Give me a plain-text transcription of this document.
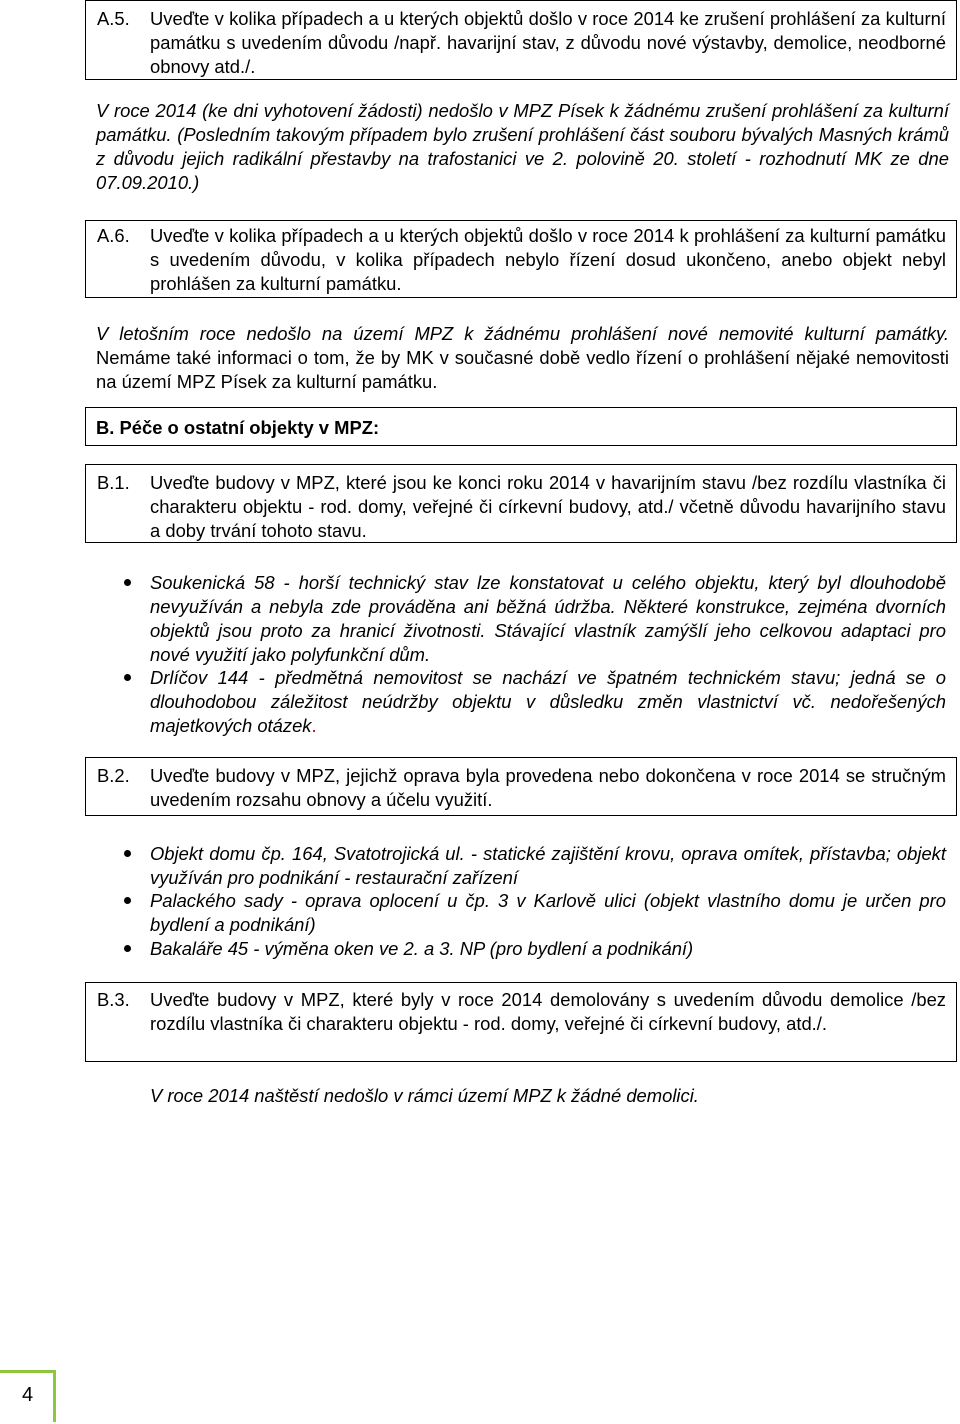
A.5. Uveďte v kolika případech a u kterých objektů došlo v roce 2014 ke zrušení prohlášení za kulturní památku s uvedením důvodu /např. havarijní stav, z důvodu nové výstavby, demolice, neodborné obnovy atd./.

V roce 2014 (ke dni vyhotovení žádosti) nedošlo v MPZ Písek k žádnému zrušení prohlášení za kulturní památku. (Posledním takovým případem bylo zrušení prohlášení část souboru bývalých Masných krámů z důvodu jejich radikální přestavby na trafostanici ve 2. polovině 20. století - rozhodnutí MK ze dne 07.09.2010.)

A.6. Uveďte v kolika případech a u kterých objektů došlo v roce 2014 k prohlášení za kulturní památku s uvedením důvodu, v kolika případech nebylo řízení dosud ukončeno, anebo objekt nebyl prohlášen za kulturní památku.

V letošním roce nedošlo na území MPZ k žádnému prohlášení nové nemovité kulturní památky. Nemáme také informaci o tom, že by MK v současné době vedlo řízení o prohlášení nějaké nemovitosti na území MPZ Písek za kulturní památku.

B. Péče o ostatní objekty v MPZ:
B.1. Uveďte budovy v MPZ, které jsou ke konci roku 2014 v havarijním stavu /bez rozdílu vlastníka či charakteru objektu - rod. domy, veřejné či církevní budovy, atd./ včetně důvodu havarijního stavu a doby trvání tohoto stavu.

Soukenická 58 - horší technický stav lze konstatovat u celého objektu, který byl dlouhodobě nevyužíván a nebyla zde prováděna ani běžná údržba. Některé konstrukce, zejména dvorních objektů jsou proto za hranicí životnosti. Stávající vlastník zamýšlí jeho celkovou adaptaci pro nové využití jako polyfunkční dům.

Drlíčov 144 - předmětná nemovitost se nachází ve špatném technickém stavu; jedná se o dlouhodobou záležitost neúdržby objektu v důsledku změn vlastnictví vč. nedořešených majetkových otázek.

B.2. Uveďte budovy v MPZ, jejichž oprava byla provedena nebo dokončena v roce 2014 se stručným uvedením rozsahu obnovy a účelu využití.

Objekt domu čp. 164, Svatotrojická ul. - statické zajištění krovu, oprava omítek, přístavba; objekt využíván pro podnikání - restaurační zařízení

Palackého sady - oprava oplocení u čp. 3 v Karlově ulici (objekt vlastního domu je určen pro bydlení a podnikání)

Bakaláře 45 - výměna oken ve 2. a 3. NP (pro bydlení a podnikání)

B.3. Uveďte budovy v MPZ, které byly v roce 2014 demolovány s uvedením důvodu demolice /bez rozdílu vlastníka či charakteru objektu - rod. domy, veřejné či církevní budovy, atd./.

V roce 2014 naštěstí nedošlo v rámci území MPZ k žádné demolici.

4
